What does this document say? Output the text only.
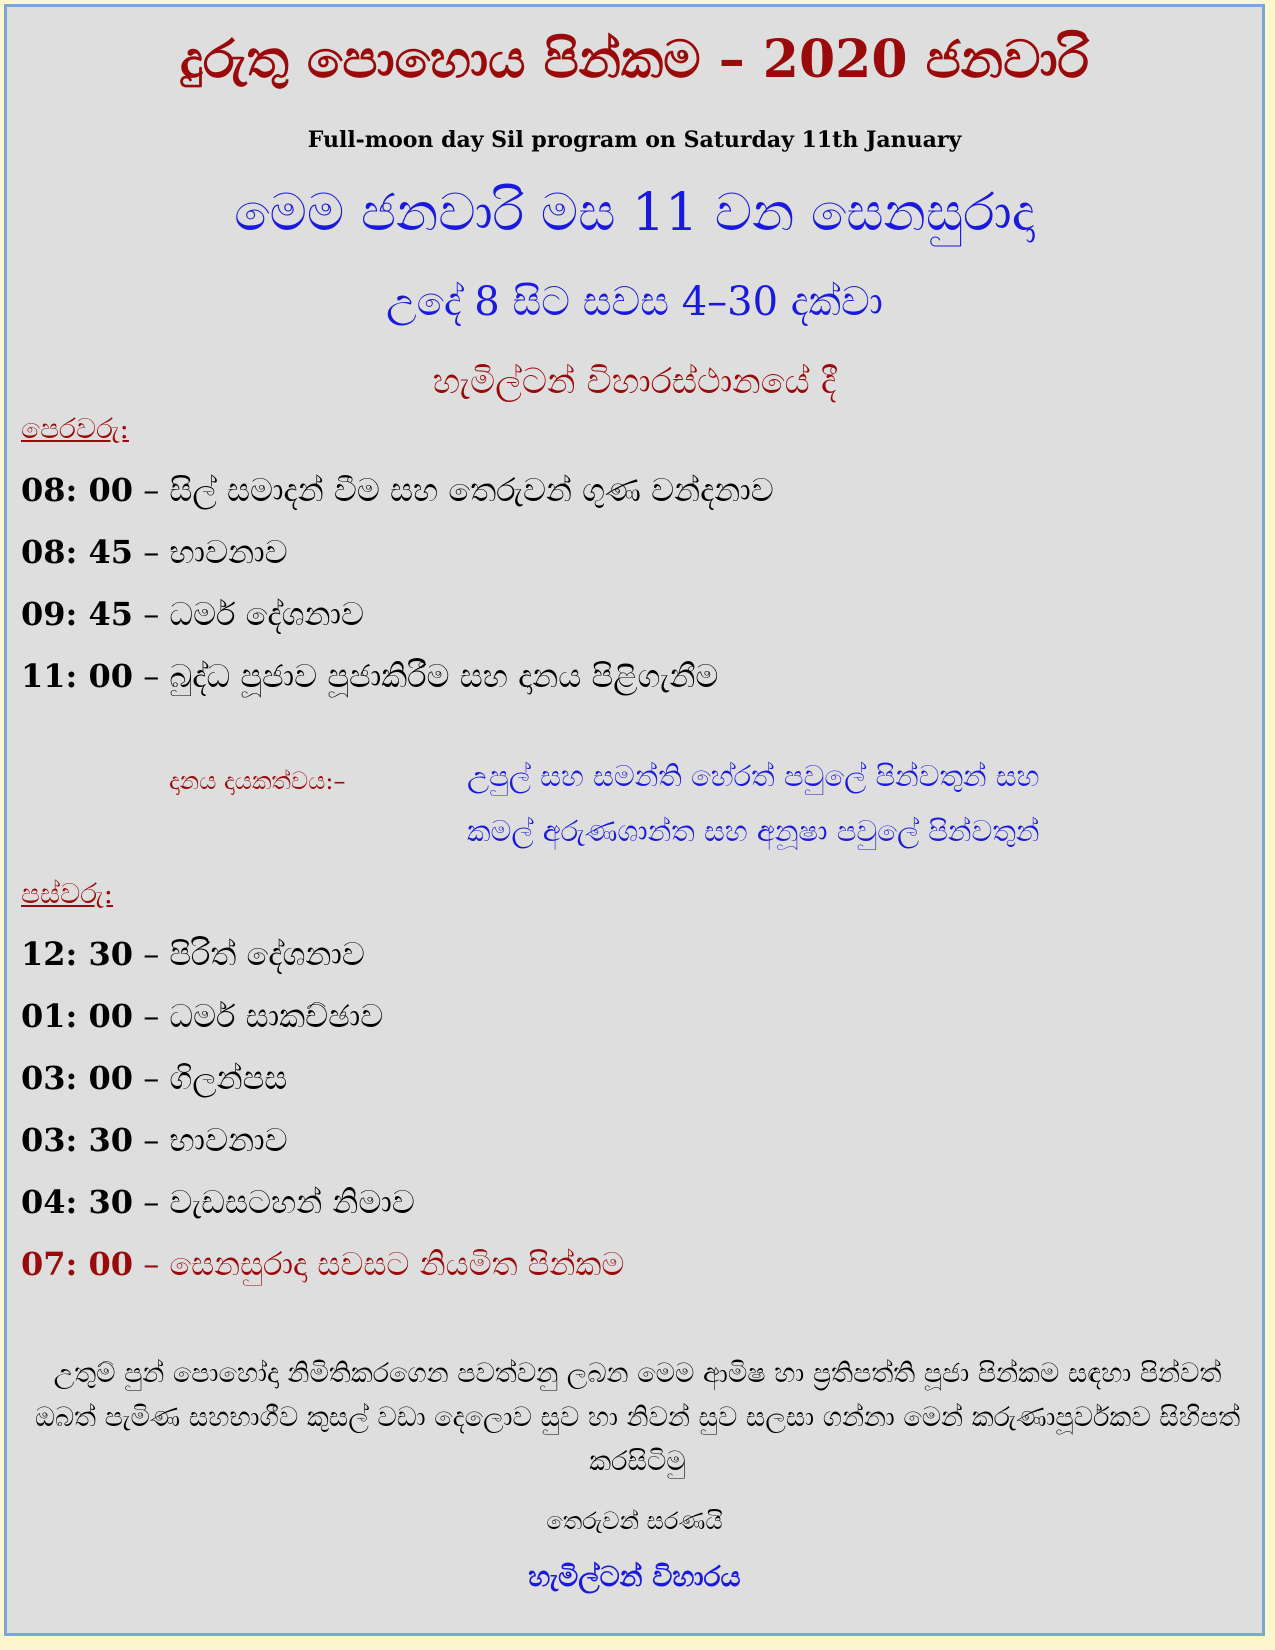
දුරුතු පොහොය පින්කම – 2020 ජනවාරි
Full-moon day Sil program on Saturday 11th January
මෙම ජනවාරි මස 11 වන සෙනසුරාදා
උදේ 8 සිට සවස 4–30 දක්වා
හැමිල්ටන් විහාරස්ථානයේ දී
පෙරවරු:
08: 00 – සිල් සමාදන් වීම සහ තෙරුවන් ගුණ වන්දනාව
08: 45 – භාවනාව
09: 45 – ධර්ම දේශනාව
11: 00 – බුද්ධ පූජාව පූජාකිරීම සහ දානය පිළිගැනීම
දානය දායකත්වය:–	උපුල් සහ සමන්ති හේරත් පවුලේ පින්වතුන් සහ
කමල් අරුණශාන්ත සහ අනූෂා පවුලේ පින්වතුන්
පස්වරු:
12: 30 – පිරිත් දේශනාව
01: 00 – ධර්ම සාකච්ඡාව
03: 00 – ගිලන්පස
03: 30 – භාවනාව
04: 30 – වැඩසටහන් නිමාව
07: 00 – සෙනසුරාදා සවසට නියමිත පින්කම
උතුම් පුන් පොහෝදා නිමිතිකරගෙන පවත්වනු ලබන මෙම ආමිෂ හා ප්‍රතිපත්ති පූජා පින්කම සඳහා පින්වත් ඔබත් පැමිණ සහභාගීව කුසල් වඩා දෙලොව සුව හා නිවන් සුව සලසා ගන්නා මෙන් කරුණාපූර්වකව සිහිපත් කරසිටිමු
තෙරුවන් සරණයි
හැමිල්ටන් විහාරය
